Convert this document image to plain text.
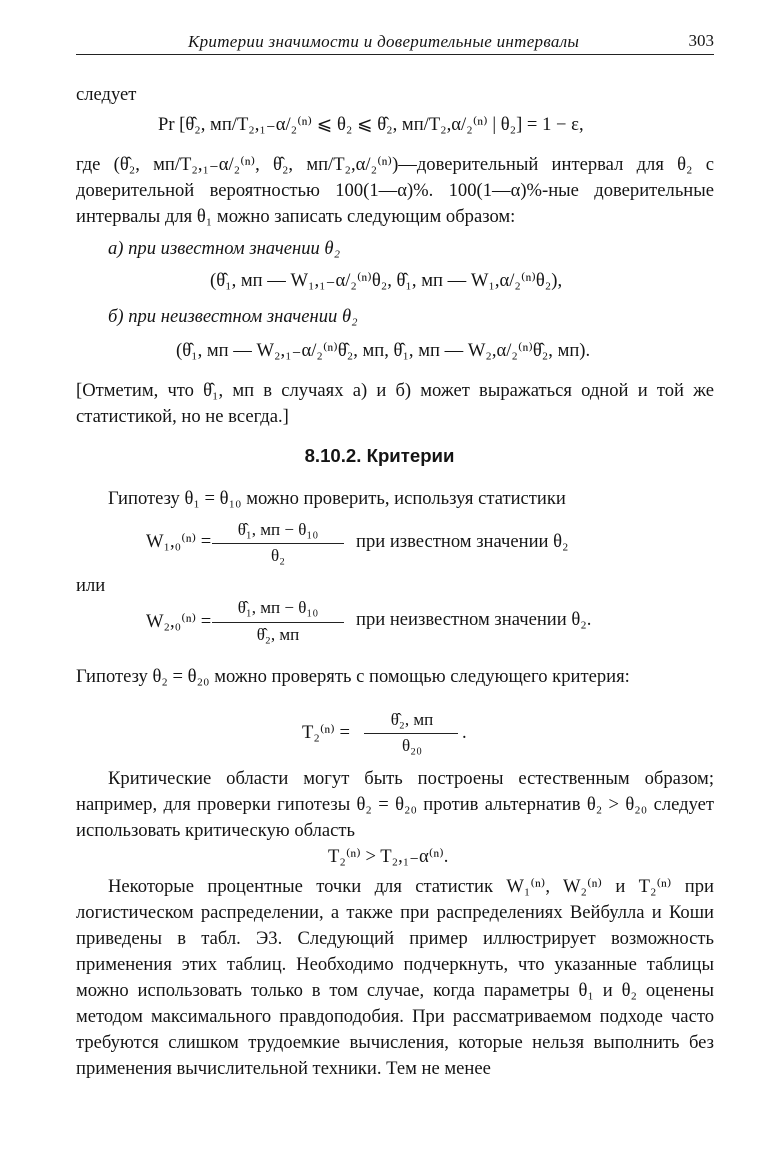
Критерии значимости и доверительные интервалы	303
следует
Pr [θ̂₂, мп/T₂,₁₋α/₂⁽ⁿ⁾ ⩽ θ₂ ⩽ θ̂₂, мп/T₂,α/₂⁽ⁿ⁾ | θ₂] = 1 − ε,
где (θ̂₂, мп/T₂,₁₋α/₂⁽ⁿ⁾, θ̂₂, мп/T₂,α/₂⁽ⁿ⁾)—доверительный интервал для θ₂ с доверительной вероятностью 100(1—α)%. 100(1—α)%-ные доверительные интервалы для θ₁ можно записать следующим образом:
а) при известном значении θ₂
(θ̂₁, мп — W₁,₁₋α/₂⁽ⁿ⁾θ₂, θ̂₁, мп — W₁,α/₂⁽ⁿ⁾θ₂),
б) при неизвестном значении θ₂
(θ̂₁, мп — W₂,₁₋α/₂⁽ⁿ⁾θ̂₂, мп, θ̂₁, мп — W₂,α/₂⁽ⁿ⁾θ̂₂, мп).
[Отметим, что θ̂₁, мп в случаях а) и б) может выражаться одной и той же статистикой, но не всегда.]
8.10.2. Критерии
Гипотезу θ₁ = θ₁₀ можно проверить, используя статистики
W₁,₀⁽ⁿ⁾ =
θ̂₁, мп − θ₁₀
θ₂
при известном значении θ₂
или
W₂,₀⁽ⁿ⁾ =
θ̂₁, мп − θ₁₀
θ̂₂, мп
при неизвестном значении θ₂.
Гипотезу θ₂ = θ₂₀ можно проверять с помощью следующего критерия:
T₂⁽ⁿ⁾ =
θ̂₂, мп
θ₂₀
.
Критические области могут быть построены естественным образом; например, для проверки гипотезы θ₂ = θ₂₀ против альтернатив θ₂ > θ₂₀ следует использовать критическую область
T₂⁽ⁿ⁾ > T₂,₁₋α⁽ⁿ⁾.
Некоторые процентные точки для статистик W₁⁽ⁿ⁾, W₂⁽ⁿ⁾ и T₂⁽ⁿ⁾ при логистическом распределении, а также при распределениях Вейбулла и Коши приведены в табл. Э3. Следующий пример иллюстрирует возможность применения этих таблиц. Необходимо подчеркнуть, что указанные таблицы можно использовать только в том случае, когда параметры θ₁ и θ₂ оценены методом максимального правдоподобия. При рассматриваемом подходе часто требуются слишком трудоемкие вычисления, которые нельзя выполнить без применения вычислительной техники. Тем не менее
